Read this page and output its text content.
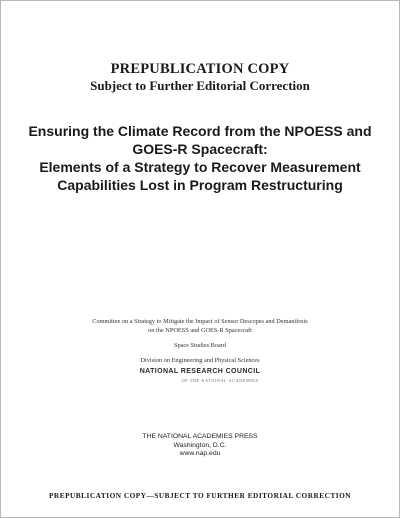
PREPUBLICATION COPY
Subject to Further Editorial Correction
Ensuring the Climate Record from the NPOESS and
GOES-R Spacecraft:
Elements of a Strategy to Recover Measurement
Capabilities Lost in Program Restructuring
Committee on a Strategy to Mitigate the Impact of Sensor Descopes and Demanifests
on the NPOESS and GOES-R Spacecraft
Space Studies Board
Division on Engineering and Physical Sciences
NATIONAL RESEARCH COUNCIL
OF THE NATIONAL ACADEMIES
THE NATIONAL ACADEMIES PRESS
Washington, D.C.
www.nap.edu
PREPUBLICATION COPY—SUBJECT TO FURTHER EDITORIAL CORRECTION
